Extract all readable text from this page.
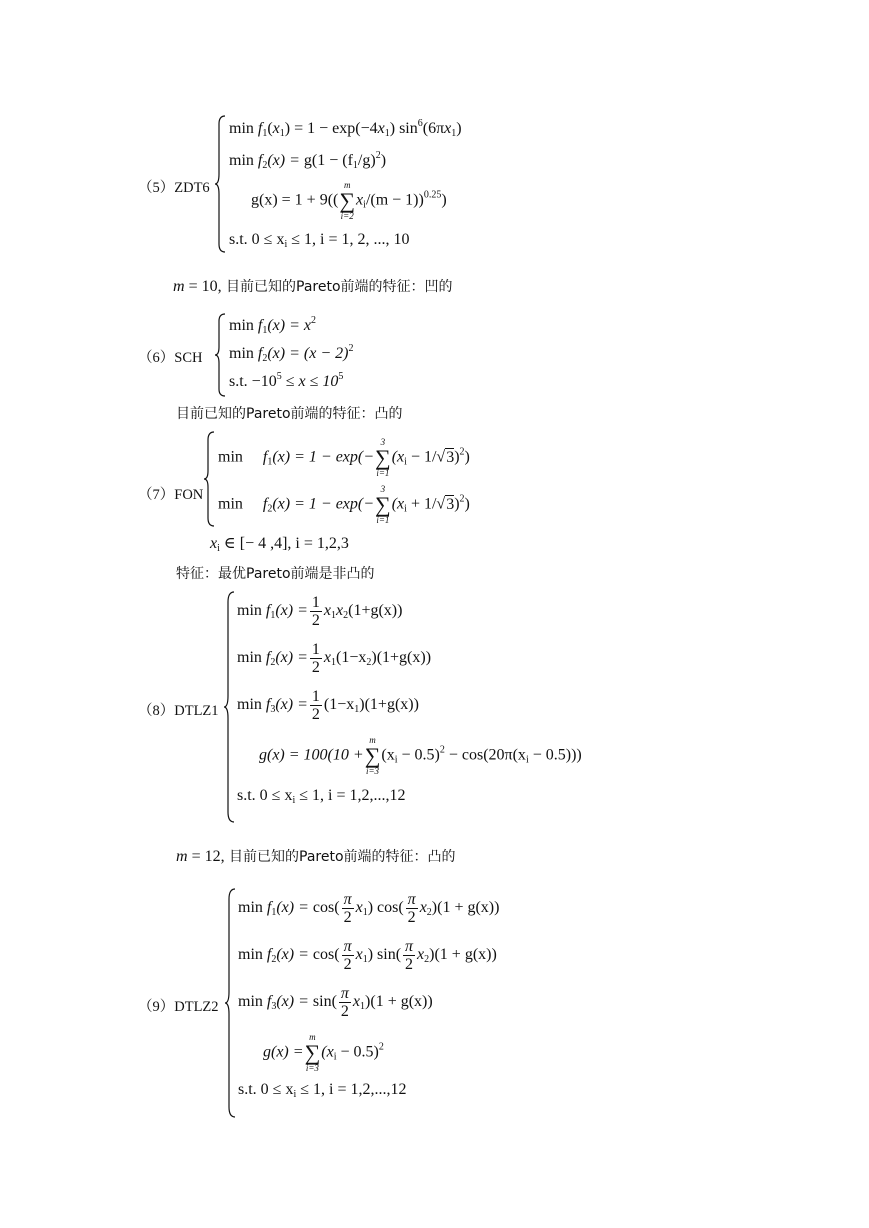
（5）ZDT6
$\min f_1(x_1) = 1 - \exp(-4x_1)$ $\sin^6(6\pi x_1)$
$\min f_2(x) = g(1 - (f_1/g)^2)$
g(x) = 1 + 9((
m
∑
i=2
$x_i/(m - 1))^{0.25}$)
s.t. $0 \le x_i \le 1$, i = 1, 2, ..., 10
m = 10, 目前已知的Pareto前端的特征：凹的
（6）SCH
$\min f_1(x) = x^2$
$\min f_2(x) = (x - 2)^2$
s.t. $-10^5 \le x \le 10^5$
目前已知的Pareto前端的特征：凸的
（7）FON
$\min f_1(x) = 1 - \exp(-$
3
∑
i=1
$(x_i - 1/√3)^2$)
$\min f_2(x) = 1 - \exp(-$
3
∑
i=1
$(x_i + 1/√3)^2$)
$x_i$ ∈ [− 4 ,4], i = 1,2,3
特征：最优Pareto前端是非凸的
（8）DTLZ1
$\min f_1(x) = \frac{1}{2} x_1x_2(1+g(x))$
$\min f_2(x) = \frac{1}{2} x_1(1-x_2)(1+g(x))$
$\min f_3(x) = \frac{1}{2} (1-x_1)(1+g(x))$
g(x) = 100(10 +
m
∑
i=3
$(x_i - 0.5)^2 - \cos(20\pi(x_i - 0.5))$)
s.t. $0 \le x_i \le 1$, i = 1,2,...,12
m = 12, 目前已知的Pareto前端的特征：凸的
（9）DTLZ2
$\min f_1(x) = \cos( \frac{\pi}{2} x_1)$ $\cos( \frac{\pi}{2} x_2)(1 + g(x))$
$\min f_2(x) = \cos( \frac{\pi}{2} x_1)$ $\sin( \frac{\pi}{2} x_2)(1 + g(x))$
$\min f_3(x) = \sin( \frac{\pi}{2} x_1)(1 + g(x))$
g(x) =
m
∑
i=3
$(x_i - 0.5)^2$
s.t. $0 \le x_i \le 1$, i = 1,2,...,12
